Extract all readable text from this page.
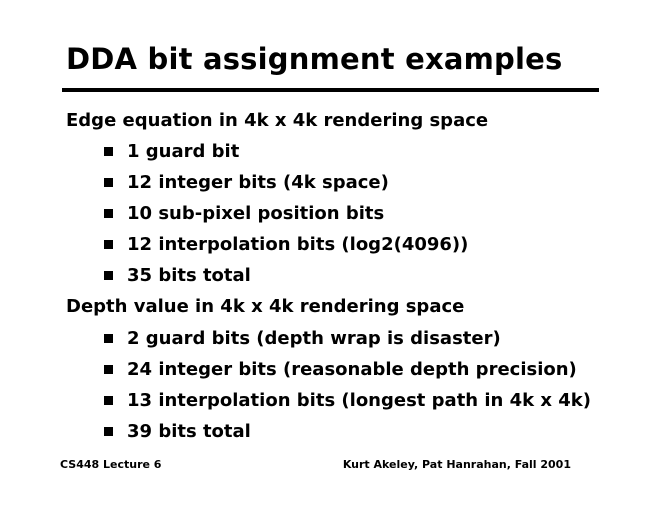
DDA bit assignment examples
Edge equation in 4k x 4k rendering space
1 guard bit
12 integer bits (4k space)
10 sub-pixel position bits
12 interpolation bits (log2(4096))
35 bits total
Depth value in 4k x 4k rendering space
2 guard bits (depth wrap is disaster)
24 integer bits (reasonable depth precision)
13 interpolation bits (longest path in 4k x 4k)
39 bits total
CS448 Lecture 6	Kurt Akeley, Pat Hanrahan, Fall 2001
